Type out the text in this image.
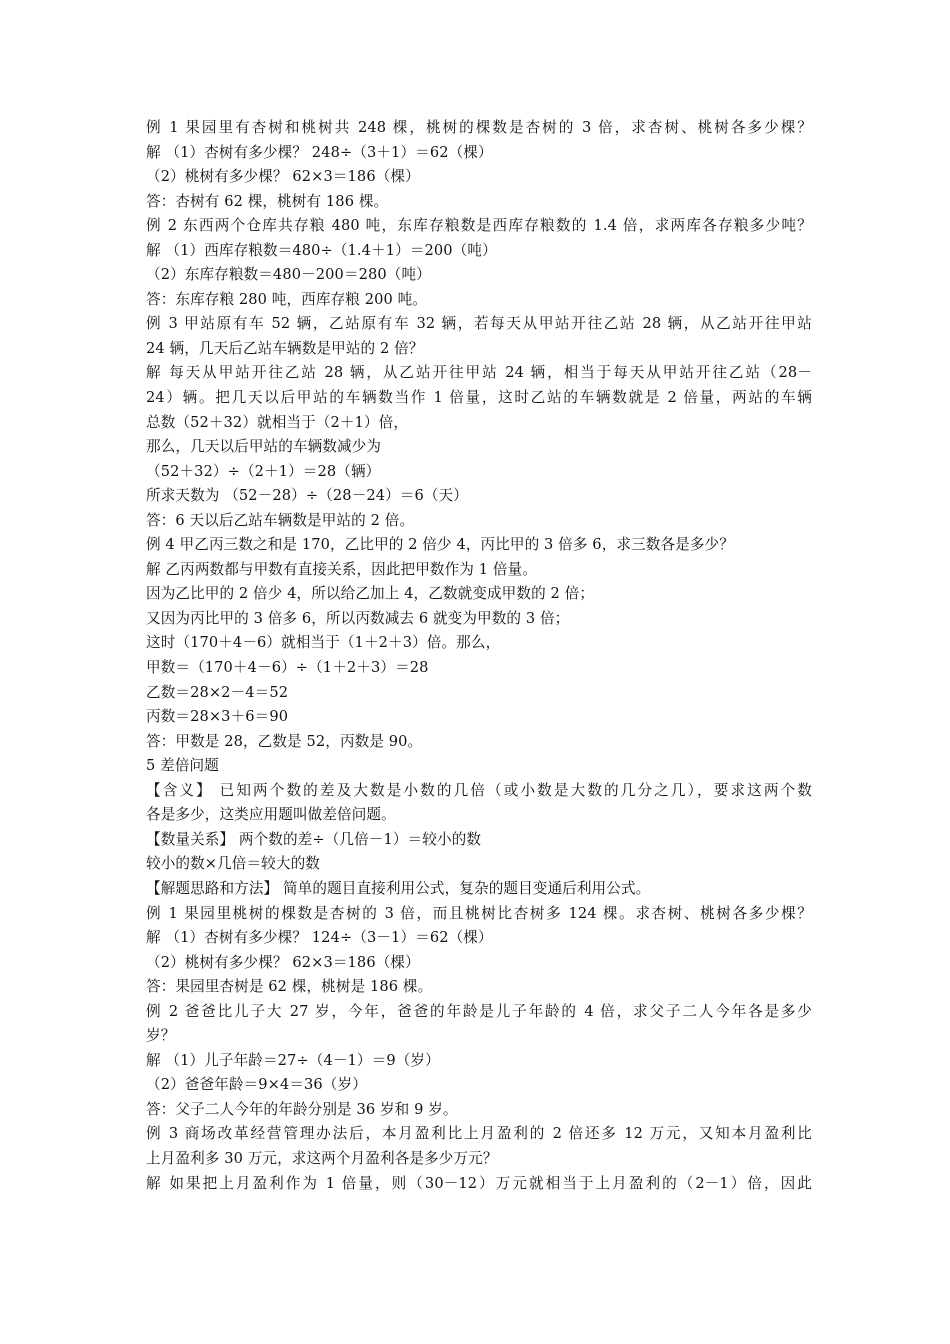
例 1 果园里有杏树和桃树共 248 棵，桃树的棵数是杏树的 3 倍，求杏树、桃树各多少棵？
解 （1）杏树有多少棵？ 248÷（3＋1）＝62（棵）
（2）桃树有多少棵？ 62×3＝186（棵）
答：杏树有 62 棵，桃树有 186 棵。
例 2 东西两个仓库共存粮 480 吨，东库存粮数是西库存粮数的 1.4 倍，求两库各存粮多少吨？
解 （1）西库存粮数＝480÷（1.4＋1）＝200（吨）
（2）东库存粮数＝480－200＝280（吨）
答：东库存粮 280 吨，西库存粮 200 吨。
例 3 甲站原有车 52 辆，乙站原有车 32 辆，若每天从甲站开往乙站 28 辆，从乙站开往甲站
24 辆，几天后乙站车辆数是甲站的 2 倍？
解 每天从甲站开往乙站 28 辆，从乙站开往甲站 24 辆，相当于每天从甲站开往乙站（28－
24）辆。把几天以后甲站的车辆数当作 1 倍量，这时乙站的车辆数就是 2 倍量，两站的车辆
总数（52＋32）就相当于（2＋1）倍，
那么，几天以后甲站的车辆数减少为
（52＋32）÷（2＋1）＝28（辆）
所求天数为 （52－28）÷（28－24）＝6（天）
答：6 天以后乙站车辆数是甲站的 2 倍。
例 4 甲乙丙三数之和是 170，乙比甲的 2 倍少 4，丙比甲的 3 倍多 6，求三数各是多少？
解 乙丙两数都与甲数有直接关系，因此把甲数作为 1 倍量。
因为乙比甲的 2 倍少 4，所以给乙加上 4，乙数就变成甲数的 2 倍；
又因为丙比甲的 3 倍多 6，所以丙数减去 6 就变为甲数的 3 倍；
这时（170＋4－6）就相当于（1＋2＋3）倍。那么，
甲数＝（170＋4－6）÷（1＋2＋3）＝28
乙数＝28×2－4＝52
丙数＝28×3＋6＝90
答：甲数是 28，乙数是 52，丙数是 90。
5 差倍问题
【含义】 已知两个数的差及大数是小数的几倍（或小数是大数的几分之几），要求这两个数
各是多少，这类应用题叫做差倍问题。
【数量关系】 两个数的差÷（几倍－1）＝较小的数
较小的数×几倍＝较大的数
【解题思路和方法】 简单的题目直接利用公式，复杂的题目变通后利用公式。
例 1 果园里桃树的棵数是杏树的 3 倍，而且桃树比杏树多 124 棵。求杏树、桃树各多少棵？
解 （1）杏树有多少棵？ 124÷（3－1）＝62（棵）
（2）桃树有多少棵？ 62×3＝186（棵）
答：果园里杏树是 62 棵，桃树是 186 棵。
例 2 爸爸比儿子大 27 岁，今年，爸爸的年龄是儿子年龄的 4 倍，求父子二人今年各是多少
岁？
解 （1）儿子年龄＝27÷（4－1）＝9（岁）
（2）爸爸年龄＝9×4＝36（岁）
答：父子二人今年的年龄分别是 36 岁和 9 岁。
例 3 商场改革经营管理办法后，本月盈利比上月盈利的 2 倍还多 12 万元，又知本月盈利比
上月盈利多 30 万元，求这两个月盈利各是多少万元？
解 如果把上月盈利作为 1 倍量，则（30－12）万元就相当于上月盈利的（2－1）倍，因此
